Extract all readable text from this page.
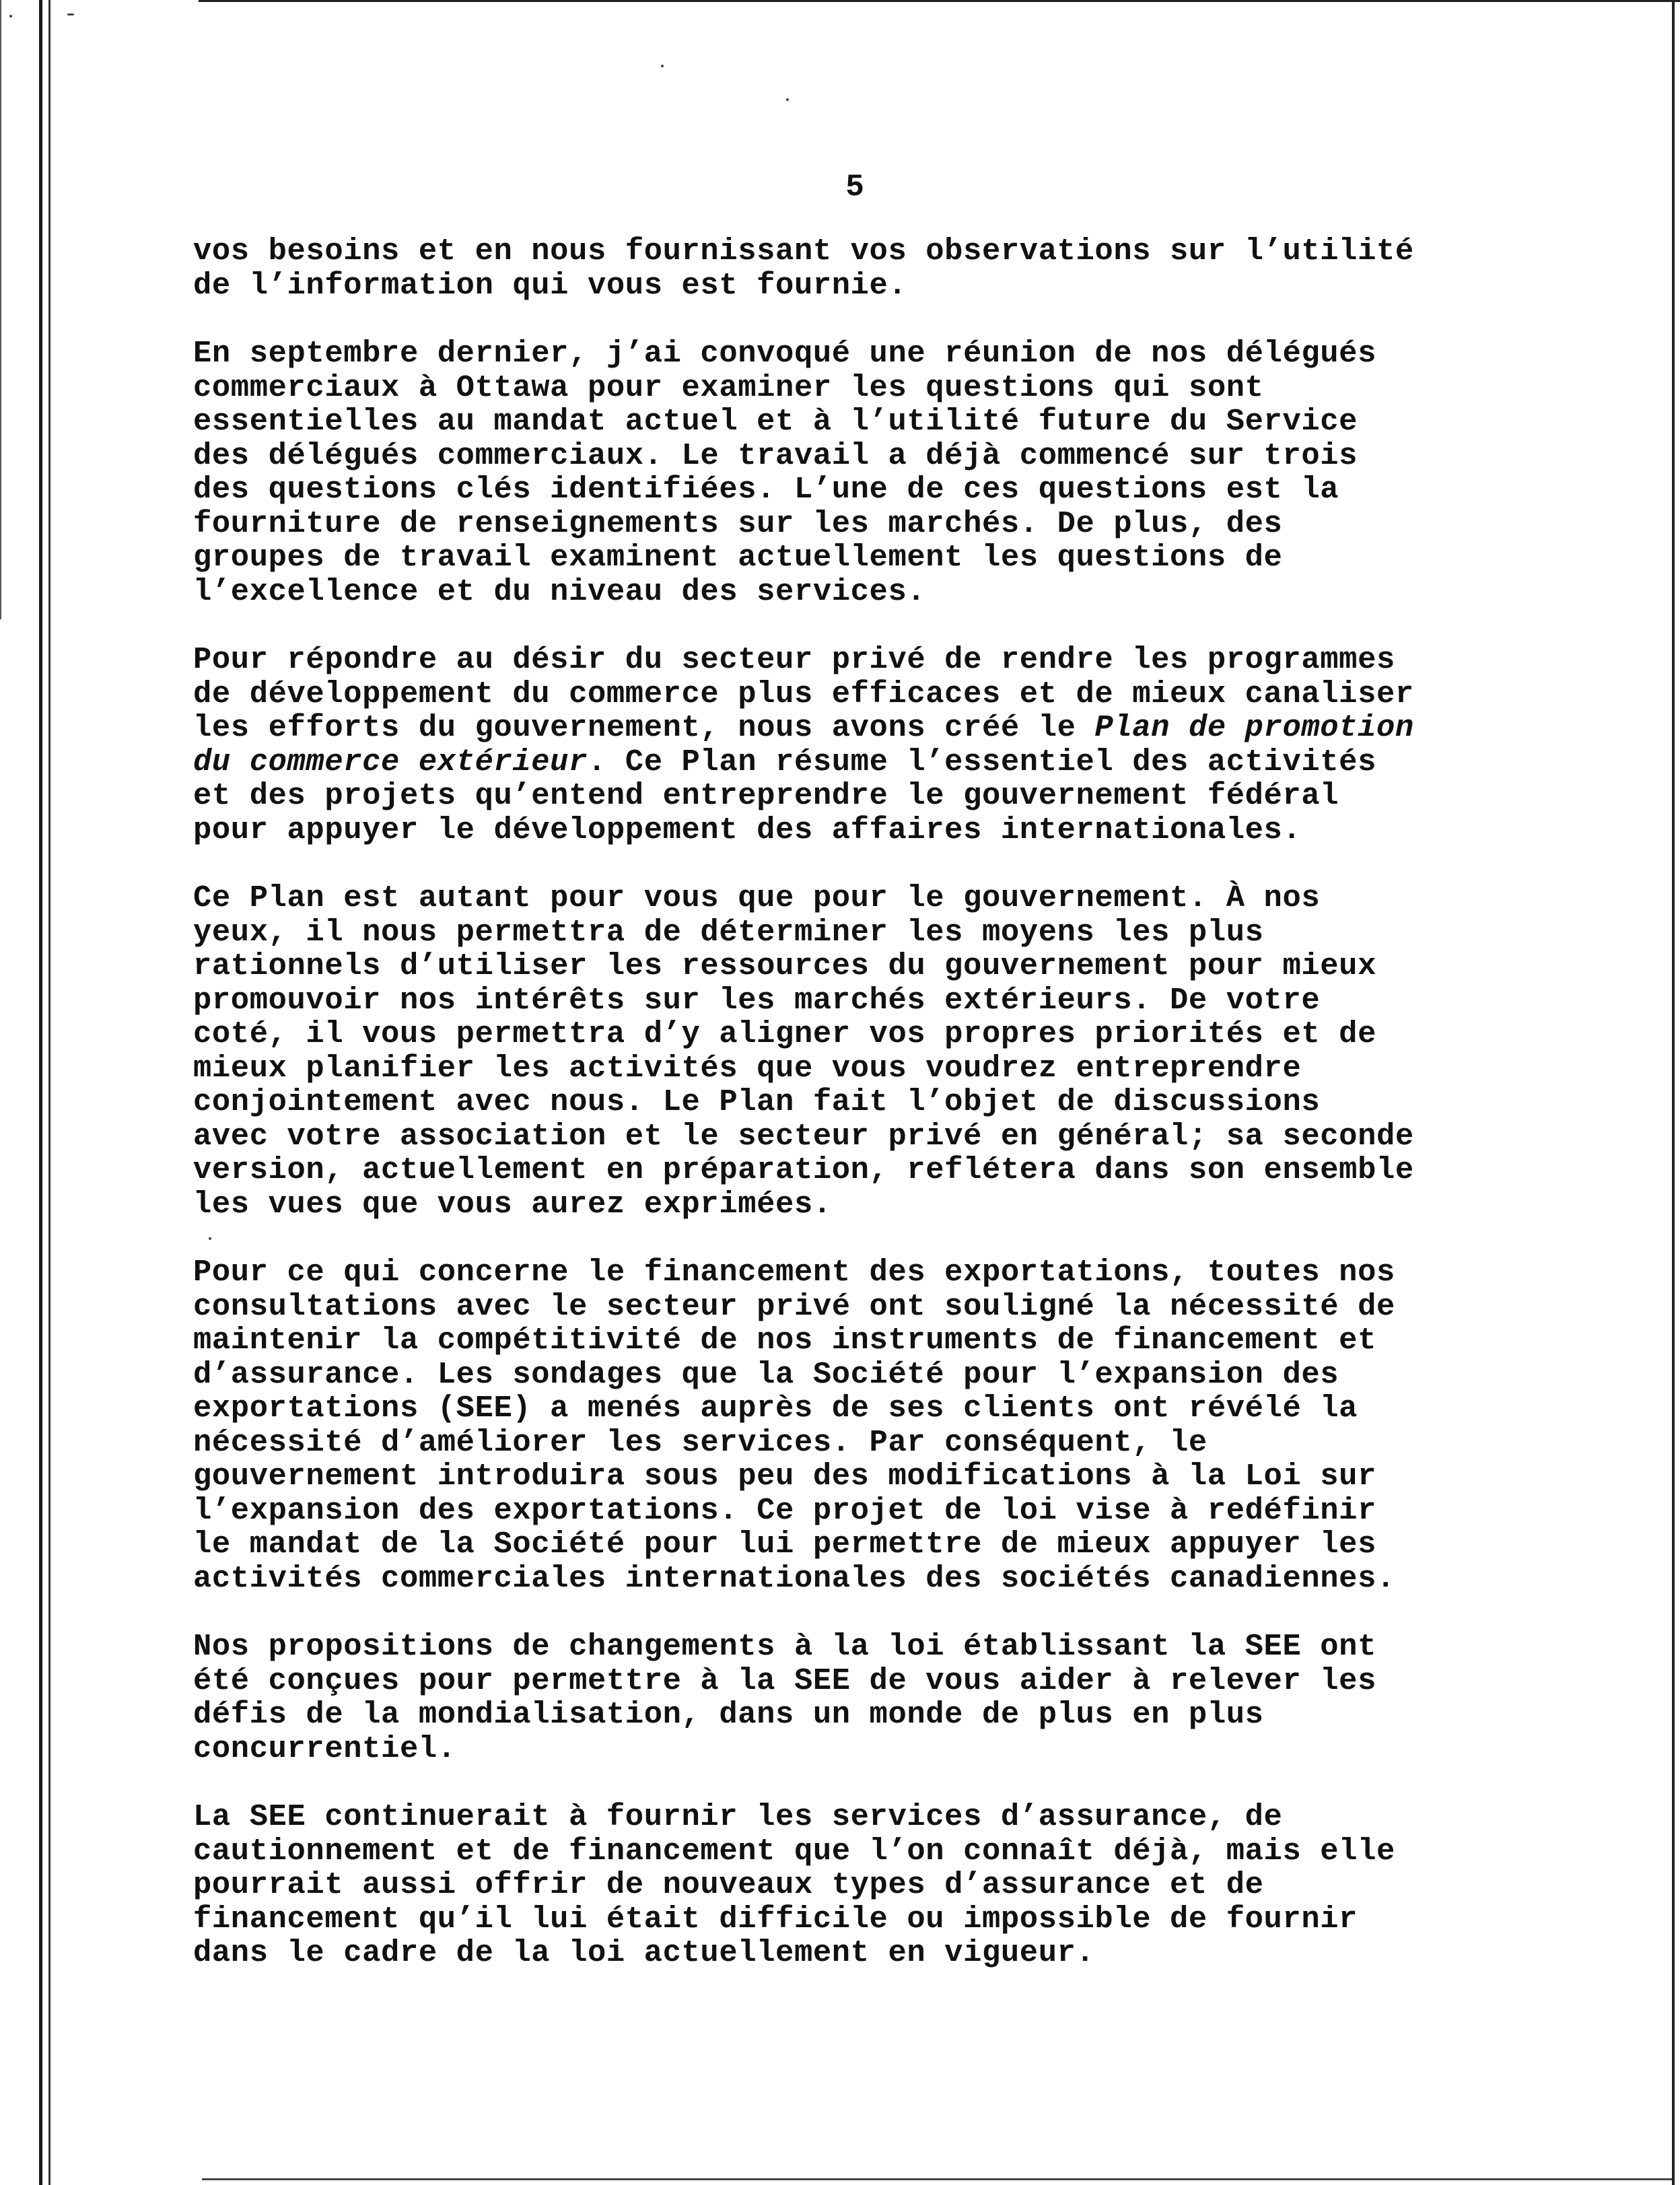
5

vos besoins et en nous fournissant vos observations sur l’utilité
de l’information qui vous est fournie.

En septembre dernier, j’ai convoqué une réunion de nos délégués
commerciaux à Ottawa pour examiner les questions qui sont
essentielles au mandat actuel et à l’utilité future du Service
des délégués commerciaux. Le travail a déjà commencé sur trois
des questions clés identifiées. L’une de ces questions est la
fourniture de renseignements sur les marchés. De plus, des
groupes de travail examinent actuellement les questions de
l’excellence et du niveau des services.

Pour répondre au désir du secteur privé de rendre les programmes
de développement du commerce plus efficaces et de mieux canaliser
les efforts du gouvernement, nous avons créé le Plan de promotion
du commerce extérieur. Ce Plan résume l’essentiel des activités
et des projets qu’entend entreprendre le gouvernement fédéral
pour appuyer le développement des affaires internationales.

Ce Plan est autant pour vous que pour le gouvernement. À nos
yeux, il nous permettra de déterminer les moyens les plus
rationnels d’utiliser les ressources du gouvernement pour mieux
promouvoir nos intérêts sur les marchés extérieurs. De votre
coté, il vous permettra d’y aligner vos propres priorités et de
mieux planifier les activités que vous voudrez entreprendre
conjointement avec nous. Le Plan fait l’objet de discussions
avec votre association et le secteur privé en général; sa seconde
version, actuellement en préparation, reflétera dans son ensemble
les vues que vous aurez exprimées.

Pour ce qui concerne le financement des exportations, toutes nos
consultations avec le secteur privé ont souligné la nécessité de
maintenir la compétitivité de nos instruments de financement et
d’assurance. Les sondages que la Société pour l’expansion des
exportations (SEE) a menés auprès de ses clients ont révélé la
nécessité d’améliorer les services. Par conséquent, le
gouvernement introduira sous peu des modifications à la Loi sur
l’expansion des exportations. Ce projet de loi vise à redéfinir
le mandat de la Société pour lui permettre de mieux appuyer les
activités commerciales internationales des sociétés canadiennes.

Nos propositions de changements à la loi établissant la SEE ont
été conçues pour permettre à la SEE de vous aider à relever les
défis de la mondialisation, dans un monde de plus en plus
concurrentiel.

La SEE continuerait à fournir les services d’assurance, de
cautionnement et de financement que l’on connaît déjà, mais elle
pourrait aussi offrir de nouveaux types d’assurance et de
financement qu’il lui était difficile ou impossible de fournir
dans le cadre de la loi actuellement en vigueur.
